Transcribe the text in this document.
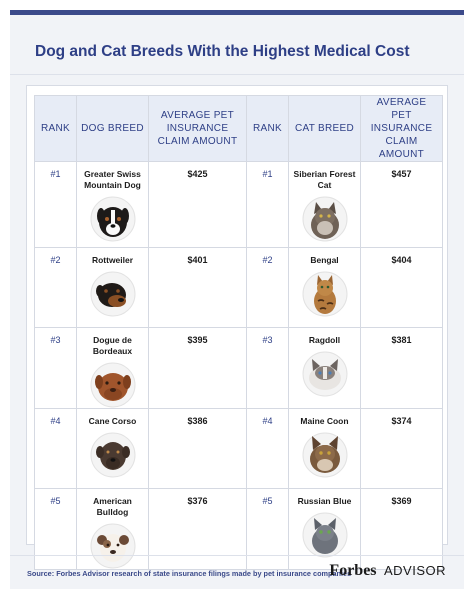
Dog and Cat Breeds With the Highest Medical Cost
RANK	DOG BREED	AVERAGE PET INSURANCE CLAIM AMOUNT	RANK	CAT BREED	AVERAGE PET INSURANCE CLAIM AMOUNT
#1	Greater Swiss Mountain Dog	$425	#1	Siberian Forest Cat	$457
#2	Rottweiler	$401	#2	Bengal	$404
#3	Dogue de Bordeaux	$395	#3	Ragdoll	$381
#4	Cane Corso	$386	#4	Maine Coon	$374
#5	American Bulldog	$376	#5	Russian Blue	$369
Source: Forbes Advisor research of state insurance filings made by pet insurance companies
Forbes ADVISOR
